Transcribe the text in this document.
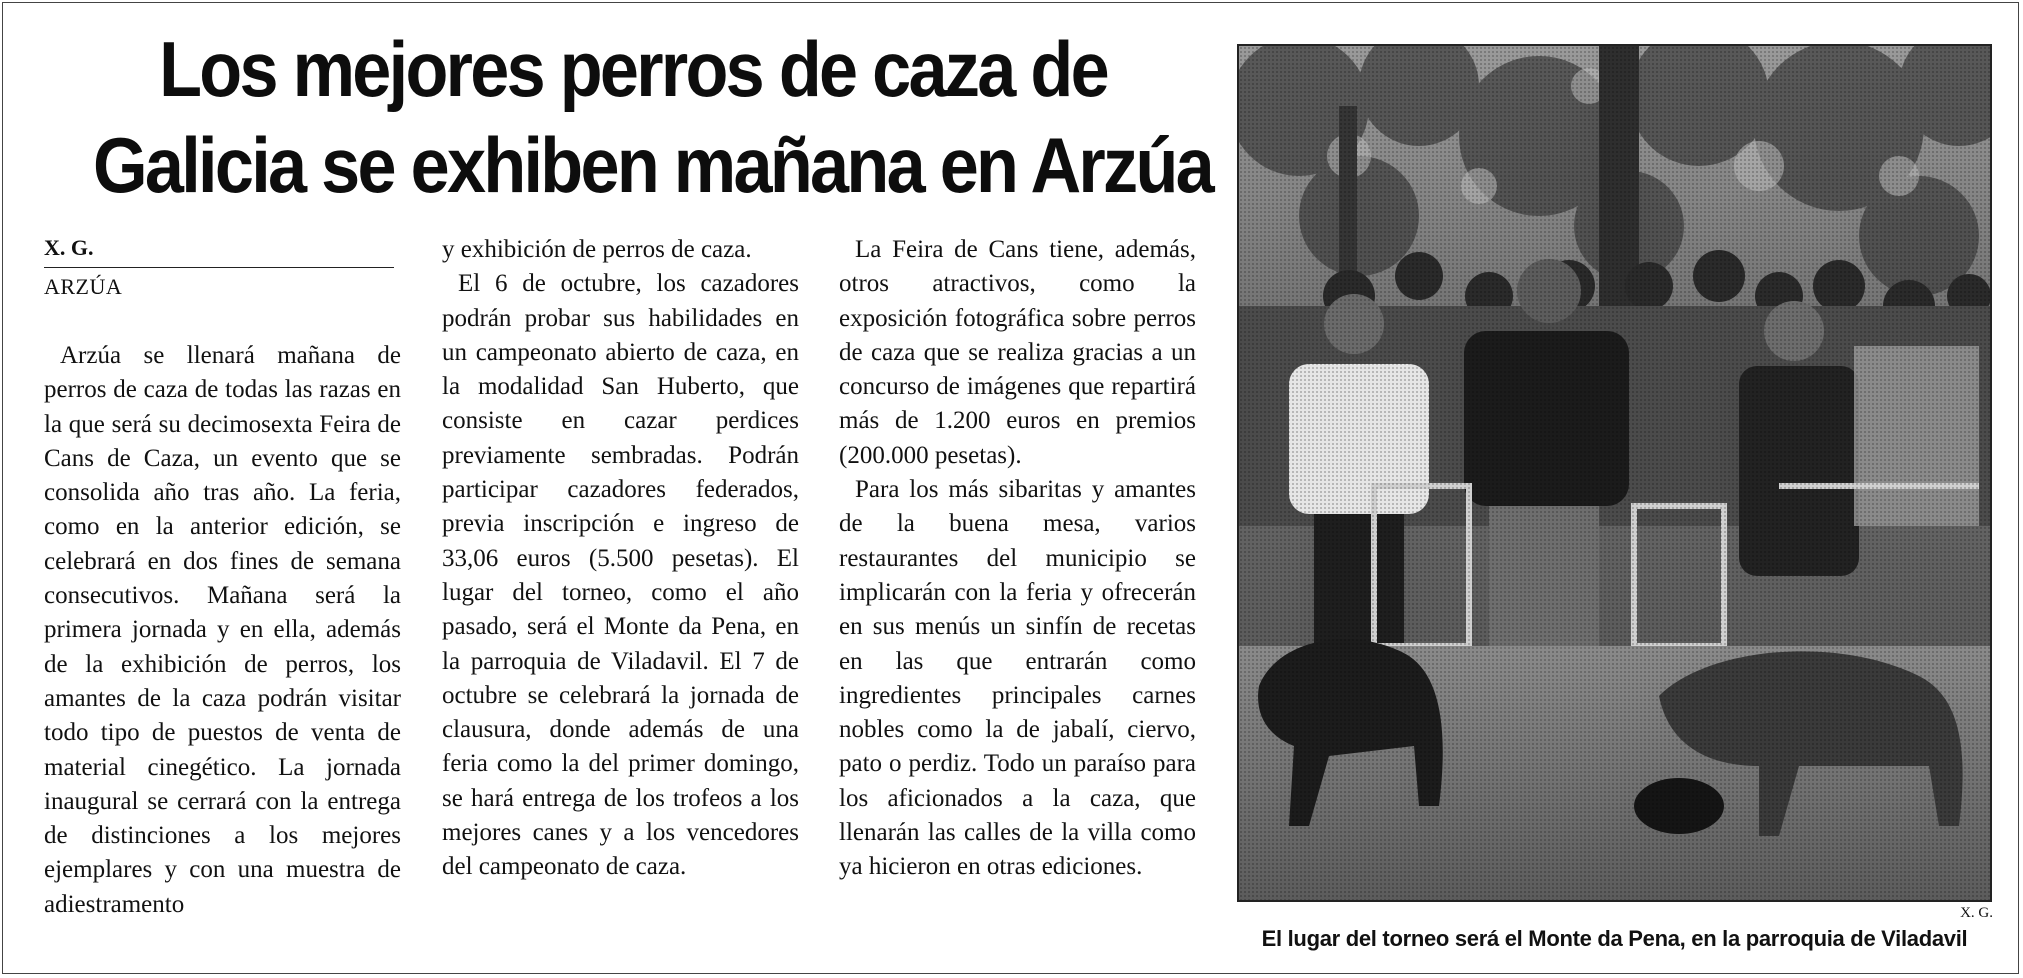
Los mejores perros de caza de
Galicia se exhiben mañana en Arzúa
X. G.
ARZÚA

Arzúa se llenará mañana de perros de caza de todas las razas en la que será su decimosexta Feira de Cans de Caza, un evento que se consolida año tras año. La feria, como en la anterior edición, se celebrará en dos fines de semana consecutivos. Mañana será la primera jornada y en ella, además de la exhibición de perros, los amantes de la caza podrán visitar todo tipo de puestos de venta de material cinegético. La jornada inaugural se cerrará con la entrega de distinciones a los mejores ejemplares y con una muestra de adiestramento

y exhibición de perros de caza.

El 6 de octubre, los cazadores podrán probar sus habilidades en un campeonato abierto de caza, en la modalidad San Huberto, que consiste en cazar perdices previamente sembradas. Podrán participar cazadores federados, previa inscripción e ingreso de 33,06 euros (5.500 pesetas). El lugar del torneo, como el año pasado, será el Monte da Pena, en la parroquia de Viladavil. El 7 de octubre se celebrará la jornada de clausura, donde además de una feria como la del primer domingo, se hará entrega de los trofeos a los mejores canes y a los vencedores del campeonato de caza.

La Feira de Cans tiene, además, otros atractivos, como la exposición fotográfica sobre perros de caza que se realiza gracias a un concurso de imágenes que repartirá más de 1.200 euros en premios (200.000 pesetas).

Para los más sibaritas y amantes de la buena mesa, varios restaurantes del municipio se implicarán con la feria y ofrecerán en sus menús un sinfín de recetas en las que entrarán como ingredientes principales carnes nobles como la de jabalí, ciervo, pato o perdiz. Todo un paraíso para los aficionados a la caza, que llenarán las calles de la villa como ya hicieron en otras ediciones.

X. G.
El lugar del torneo será el Monte da Pena, en la parroquia de Viladavil
